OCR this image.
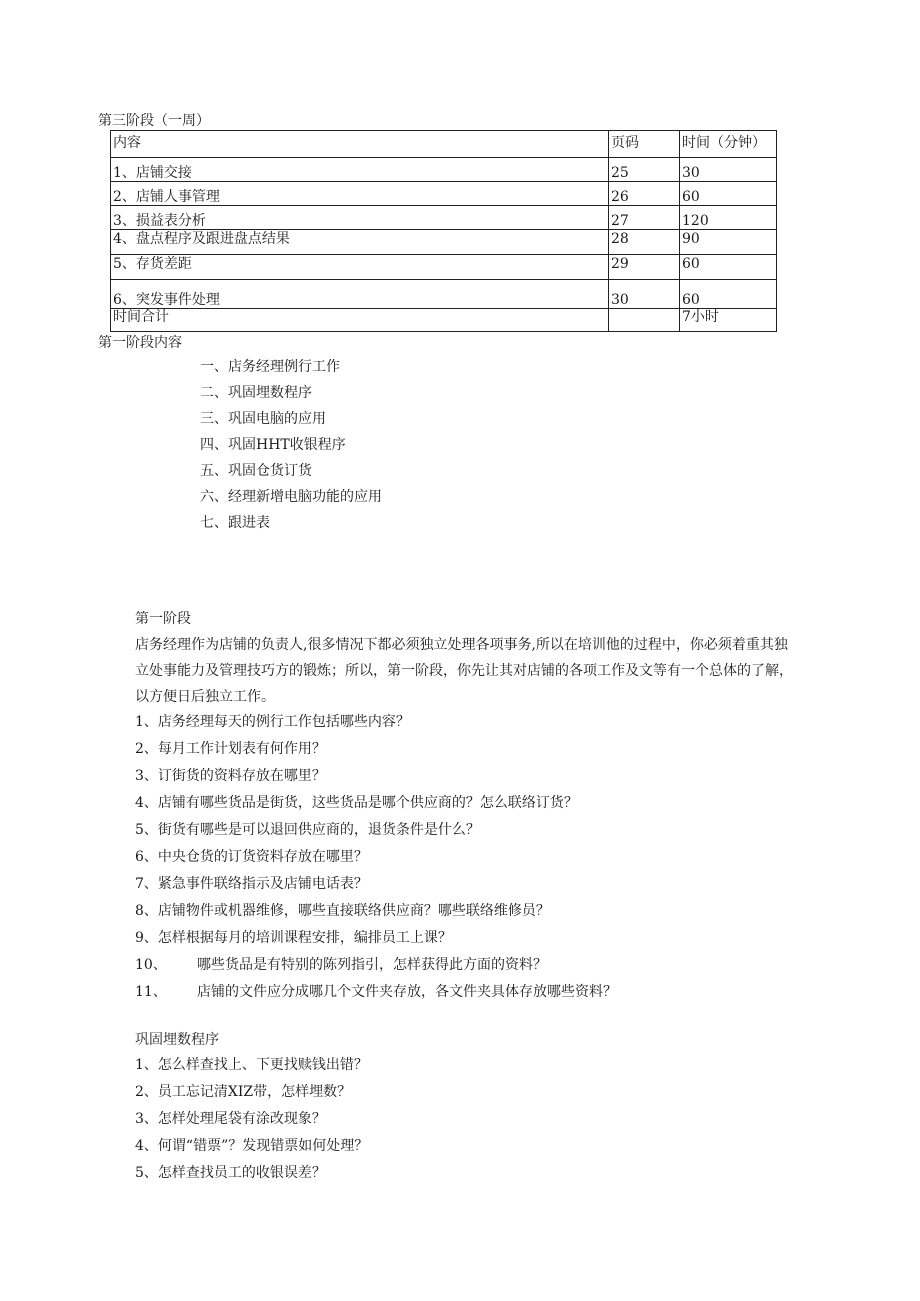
第三阶段（一周）
内容	页码	时间（分钟）
1、店铺交接	25	30
2、店铺人事管理	26	60
3、损益表分析	27	120
4、盘点程序及跟进盘点结果	28	90
5、存货差距	29	60
6、突发事件处理	30	60
时间合计		7小时
第一阶段内容
一、店务经理例行工作
二、巩固埋数程序
三、巩固电脑的应用
四、巩固HHT收银程序
五、巩固仓货订货
六、经理新增电脑功能的应用
七、跟进表
第一阶段

店务经理作为店铺的负责人,很多情况下都必须独立处理各项事务,所以在培训他的过程中，你必须着重其独立处事能力及管理技巧方的锻炼；所以，第一阶段，你先让其对店铺的各项工作及文等有一个总体的了解，以方便日后独立工作。

1、店务经理每天的例行工作包括哪些内容？
2、每月工作计划表有何作用？
3、订街货的资料存放在哪里？
4、店铺有哪些货品是街货，这些货品是哪个供应商的？怎么联络订货？
5、街货有哪些是可以退回供应商的，退货条件是什么？
6、中央仓货的订货资料存放在哪里？
7、紧急事件联络指示及店铺电话表？
8、店铺物件或机器维修，哪些直接联络供应商？哪些联络维修员？
9、怎样根据每月的培训课程安排，编排员工上课？
10、 哪些货品是有特别的陈列指引，怎样获得此方面的资料？
11、 店铺的文件应分成哪几个文件夹存放，各文件夹具体存放哪些资料？
巩固埋数程序
1、怎么样查找上、下更找赎钱出错？
2、员工忘记清XIZ带，怎样埋数？
3、怎样处理尾袋有涂改现象？
4、何谓“错票”？发现错票如何处理？
5、怎样查找员工的收银误差？
